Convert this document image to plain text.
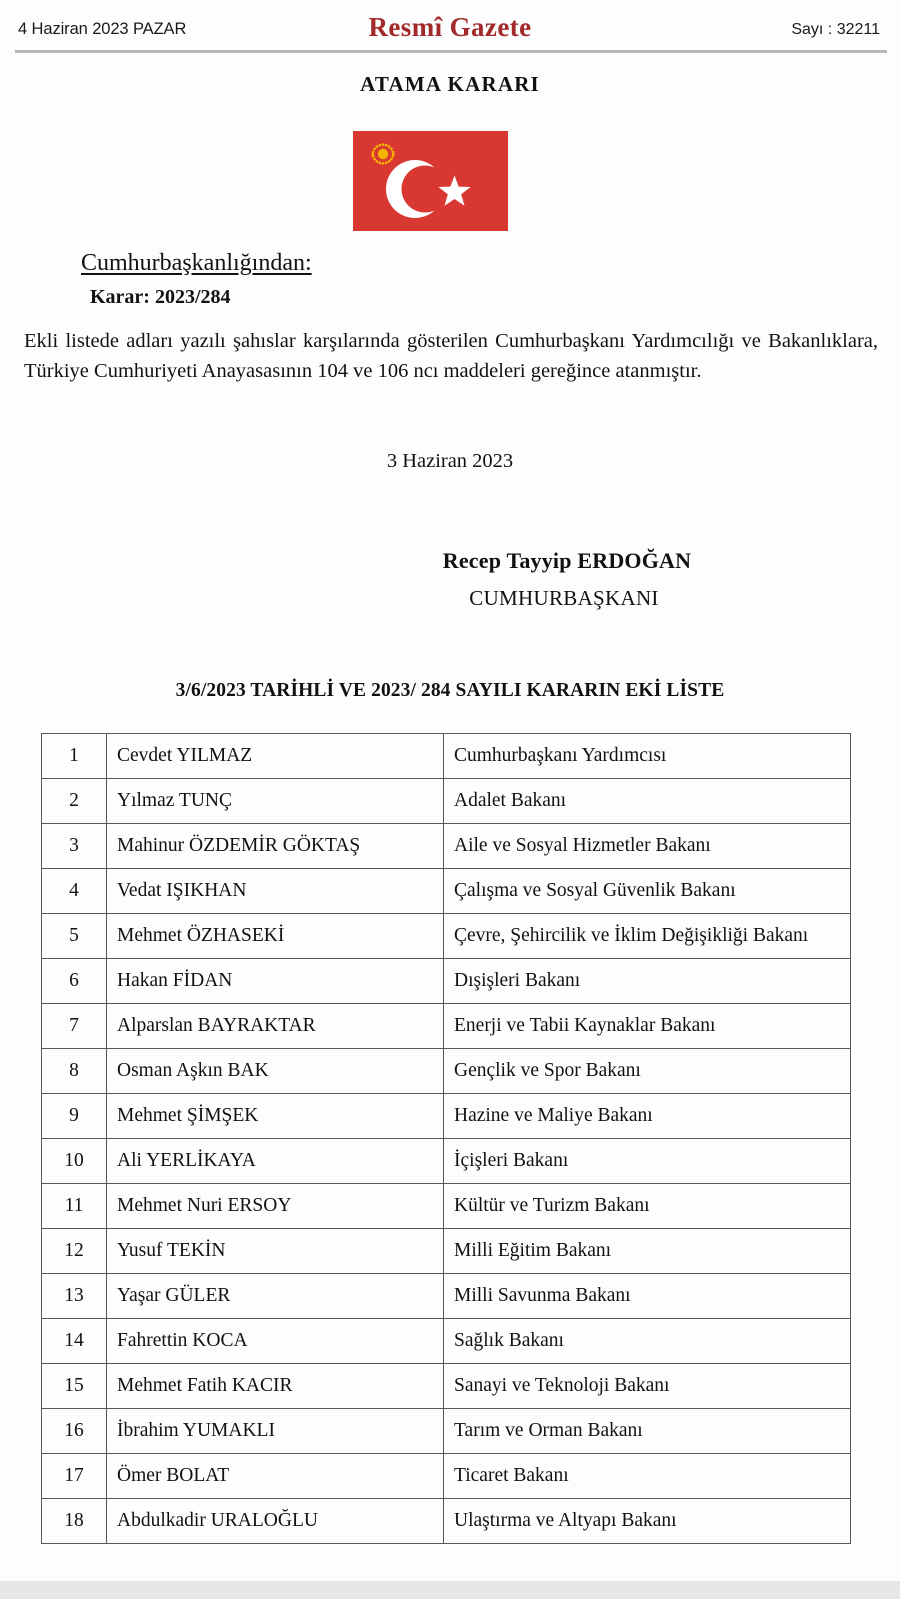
4 Haziran 2023 PAZAR	Resmî Gazete	Sayı : 32211
ATAMA KARARI
Cumhurbaşkanlığından:
Karar: 2023/284
Ekli listede adları yazılı şahıslar karşılarında gösterilen Cumhurbaşkanı Yardımcılığı ve Bakanlıklara, Türkiye Cumhuriyeti Anayasasının 104 ve 106 ncı maddeleri gereğince atanmıştır.
3 Haziran 2023
Recep Tayyip ERDOĞAN
CUMHURBAŞKANI
3/6/2023 TARİHLİ VE 2023/ 284 SAYILI KARARIN EKİ LİSTE
1	Cevdet YILMAZ	Cumhurbaşkanı Yardımcısı
2	Yılmaz TUNÇ	Adalet Bakanı
3	Mahinur ÖZDEMİR GÖKTAŞ	Aile ve Sosyal Hizmetler Bakanı
4	Vedat IŞIKHAN	Çalışma ve Sosyal Güvenlik Bakanı
5	Mehmet ÖZHASEKİ	Çevre, Şehircilik ve İklim Değişikliği Bakanı
6	Hakan FİDAN	Dışişleri Bakanı
7	Alparslan BAYRAKTAR	Enerji ve Tabii Kaynaklar Bakanı
8	Osman Aşkın BAK	Gençlik ve Spor Bakanı
9	Mehmet ŞİMŞEK	Hazine ve Maliye Bakanı
10	Ali YERLİKAYA	İçişleri Bakanı
11	Mehmet Nuri ERSOY	Kültür ve Turizm Bakanı
12	Yusuf TEKİN	Milli Eğitim Bakanı
13	Yaşar GÜLER	Milli Savunma Bakanı
14	Fahrettin KOCA	Sağlık Bakanı
15	Mehmet Fatih KACIR	Sanayi ve Teknoloji Bakanı
16	İbrahim YUMAKLI	Tarım ve Orman Bakanı
17	Ömer BOLAT	Ticaret Bakanı
18	Abdulkadir URALOĞLU	Ulaştırma ve Altyapı Bakanı
